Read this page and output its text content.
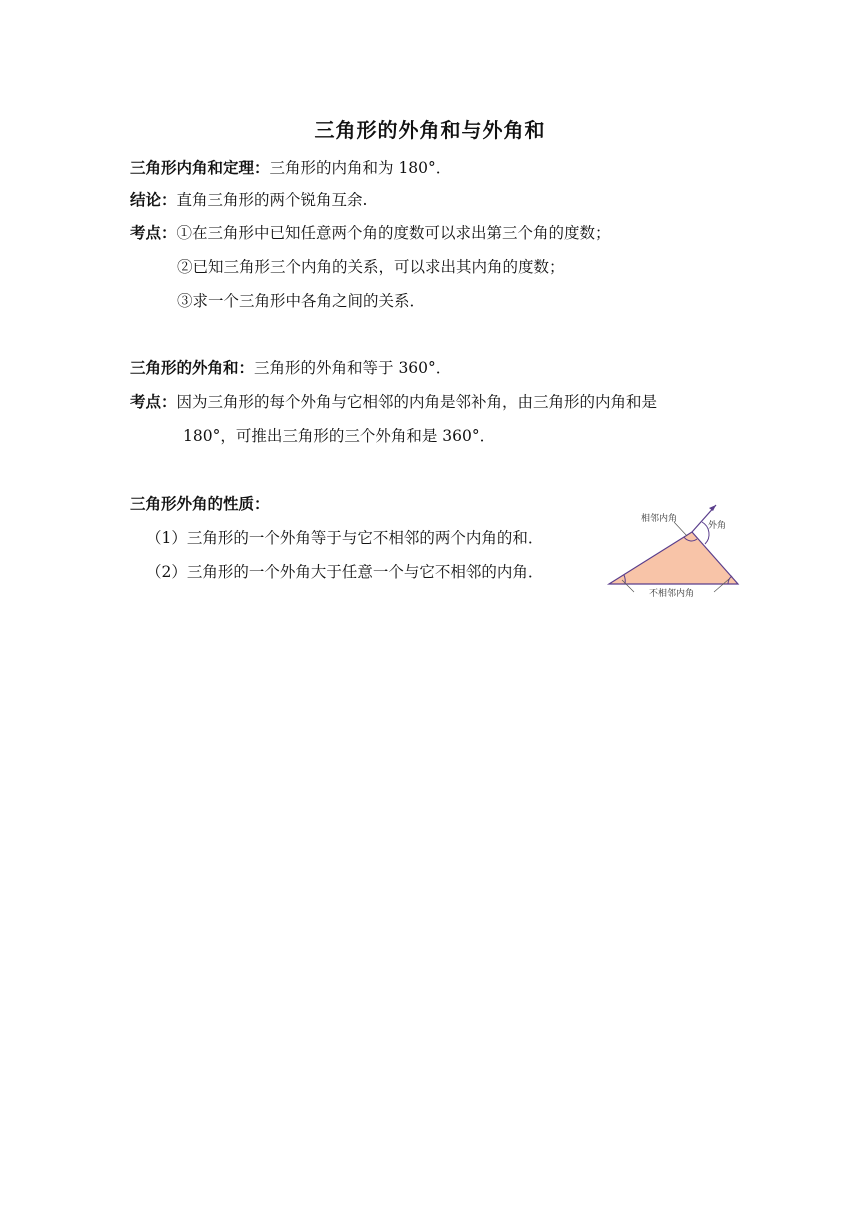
三角形的外角和与外角和
三角形内角和定理：三角形的内角和为 180°．
结论：直角三角形的两个锐角互余.
考点：①在三角形中已知任意两个角的度数可以求出第三个角的度数；
②已知三角形三个内角的关系，可以求出其内角的度数；
③求一个三角形中各角之间的关系．
三角形的外角和：三角形的外角和等于 360°．
考点：因为三角形的每个外角与它相邻的内角是邻补角，由三角形的内角和是
180°，可推出三角形的三个外角和是 360°．
三角形外角的性质：
（1）三角形的一个外角等于与它不相邻的两个内角的和．
（2）三角形的一个外角大于任意一个与它不相邻的内角．
相邻内角
外角
不相邻内角
